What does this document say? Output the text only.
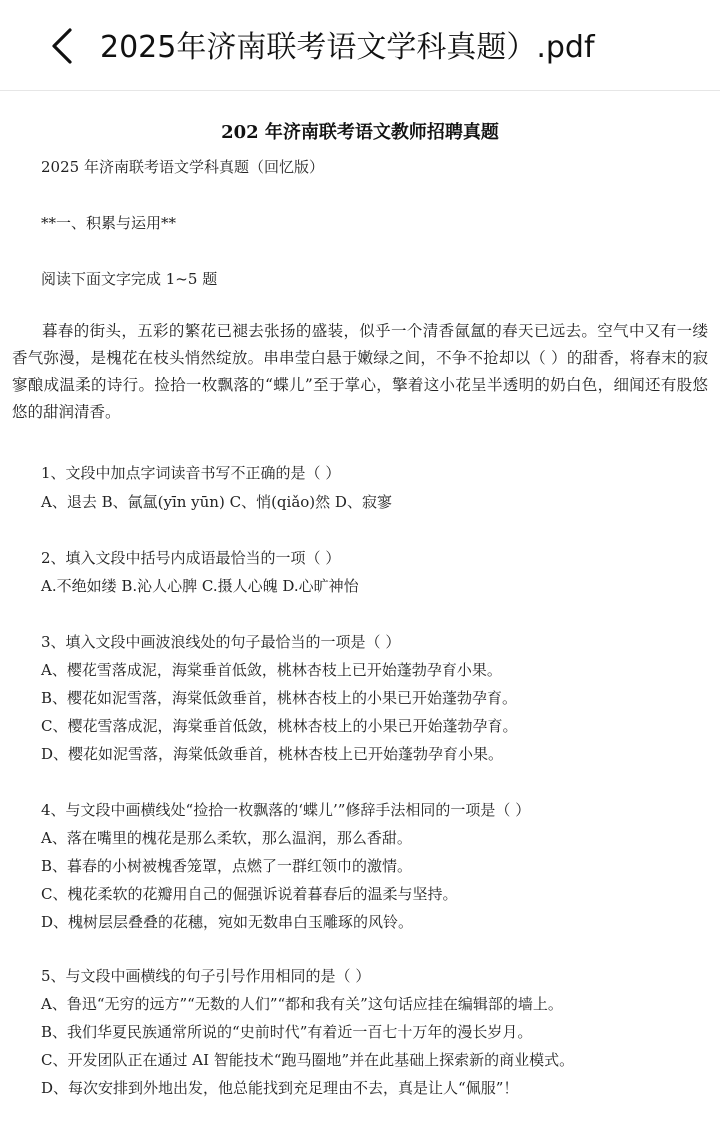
2025年济南联考语文学科真题）.pdf
202 年济南联考语文教师招聘真题
2025 年济南联考语文学科真题（回忆版）
**一、积累与运用**
阅读下面文字完成 1~5 题
暮春的街头，五彩的繁花已褪去张扬的盛装，似乎一个清香氤氲的春天已远去。空气中又有一缕香气弥漫，是槐花在枝头悄然绽放。串串莹白悬于嫩绿之间，不争不抢却以（ ）的甜香，将春末的寂寥酿成温柔的诗行。捡拾一枚飘落的“蝶儿”至于掌心，擎着这小花呈半透明的奶白色，细闻还有股悠悠的甜润清香。
1、文段中加点字词读音书写不正确的是（ ）
A、退去 B、氤氲(yīn yūn) C、悄(qiǎo)然 D、寂寥
2、填入文段中括号内成语最恰当的一项（ ）
A.不绝如缕 B.沁人心脾 C.摄人心魄 D.心旷神怡
3、填入文段中画波浪线处的句子最恰当的一项是（ ）
A、樱花雪落成泥，海棠垂首低敛，桃林杏枝上已开始蓬勃孕育小果。
B、樱花如泥雪落，海棠低敛垂首，桃林杏枝上的小果已开始蓬勃孕育。
C、樱花雪落成泥，海棠垂首低敛，桃林杏枝上的小果已开始蓬勃孕育。
D、樱花如泥雪落，海棠低敛垂首，桃林杏枝上已开始蓬勃孕育小果。
4、与文段中画横线处“捡拾一枚飘落的‘蝶儿’”修辞手法相同的一项是（ ）
A、落在嘴里的槐花是那么柔软，那么温润，那么香甜。
B、暮春的小树被槐香笼罩，点燃了一群红领巾的激情。
C、槐花柔软的花瓣用自己的倔强诉说着暮春后的温柔与坚持。
D、槐树层层叠叠的花穗，宛如无数串白玉雕琢的风铃。
5、与文段中画横线的句子引号作用相同的是（ ）
A、鲁迅“无穷的远方”“无数的人们”“都和我有关”这句话应挂在编辑部的墙上。
B、我们华夏民族通常所说的“史前时代”有着近一百七十万年的漫长岁月。
C、开发团队正在通过 AI 智能技术“跑马圈地”并在此基础上探索新的商业模式。
D、每次安排到外地出发，他总能找到充足理由不去，真是让人“佩服”！
